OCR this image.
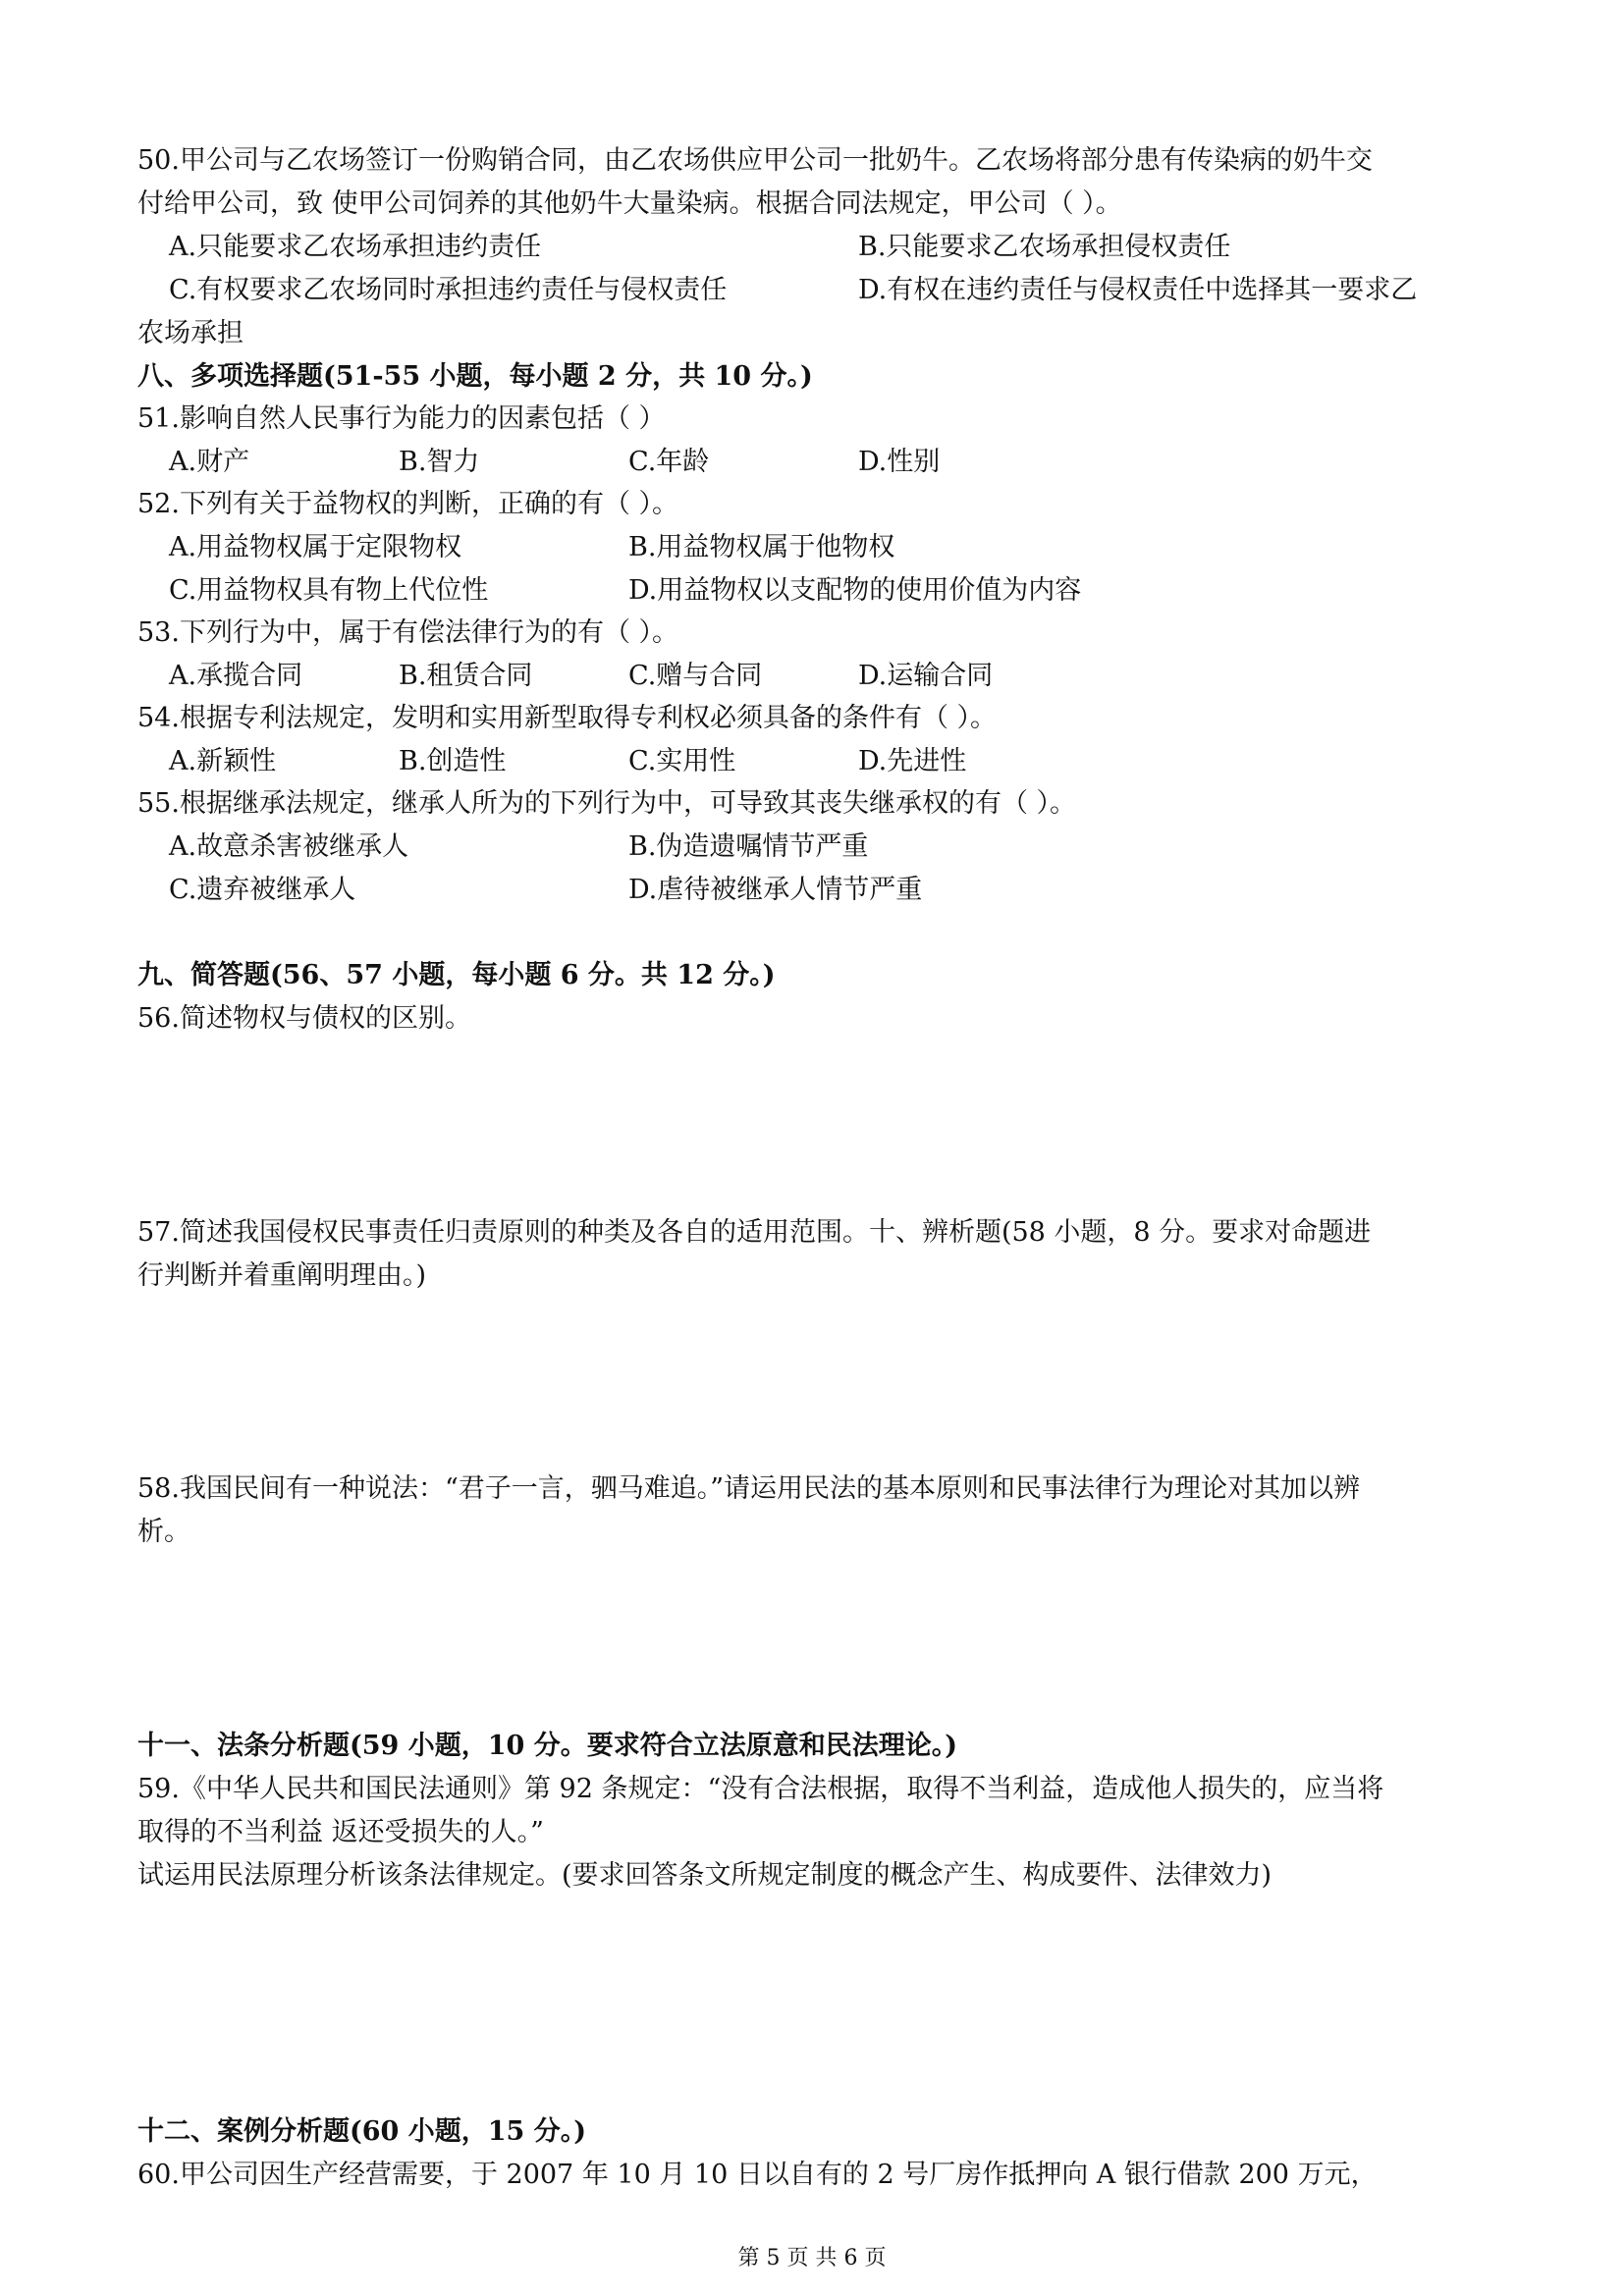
50.甲公司与乙农场签订一份购销合同，由乙农场供应甲公司一批奶牛。乙农场将部分患有传染病的奶牛交
付给甲公司，致 使甲公司饲养的其他奶牛大量染病。根据合同法规定，甲公司（ ）。
A.只能要求乙农场承担违约责任	B.只能要求乙农场承担侵权责任
C.有权要求乙农场同时承担违约责任与侵权责任	D.有权在违约责任与侵权责任中选择其一要求乙
农场承担
八、多项选择题(51-55 小题，每小题 2 分，共 10 分。)
51.影响自然人民事行为能力的因素包括（ ）
A.财产	B.智力	C.年龄	D.性别
52.下列有关于益物权的判断，正确的有（ ）。
A.用益物权属于定限物权	B.用益物权属于他物权
C.用益物权具有物上代位性	D.用益物权以支配物的使用价值为内容
53.下列行为中，属于有偿法律行为的有（ ）。
A.承揽合同	B.租赁合同	C.赠与合同	D.运输合同
54.根据专利法规定，发明和实用新型取得专利权必须具备的条件有（ ）。
A.新颖性	B.创造性	C.实用性	D.先进性
55.根据继承法规定，继承人所为的下列行为中，可导致其丧失继承权的有（ ）。
A.故意杀害被继承人	B.伪造遗嘱情节严重
C.遗弃被继承人	D.虐待被继承人情节严重
九、简答题(56、57 小题，每小题 6 分。共 12 分。)
56.简述物权与债权的区别。
57.简述我国侵权民事责任归责原则的种类及各自的适用范围。十、辨析题(58 小题，8 分。要求对命题进
行判断并着重阐明理由。)
58.我国民间有一种说法：“君子一言，驷马难追。”请运用民法的基本原则和民事法律行为理论对其加以辨
析。
十一、法条分析题(59 小题，10 分。要求符合立法原意和民法理论。)
59.《中华人民共和国民法通则》第 92 条规定：“没有合法根据，取得不当利益，造成他人损失的，应当将
取得的不当利益 返还受损失的人。”
试运用民法原理分析该条法律规定。(要求回答条文所规定制度的概念产生、构成要件、法律效力)
十二、案例分析题(60 小题，15 分。)
60.甲公司因生产经营需要，于 2007 年 10 月 10 日以自有的 2 号厂房作抵押向 A 银行借款 200 万元，
第 5 页 共 6 页
